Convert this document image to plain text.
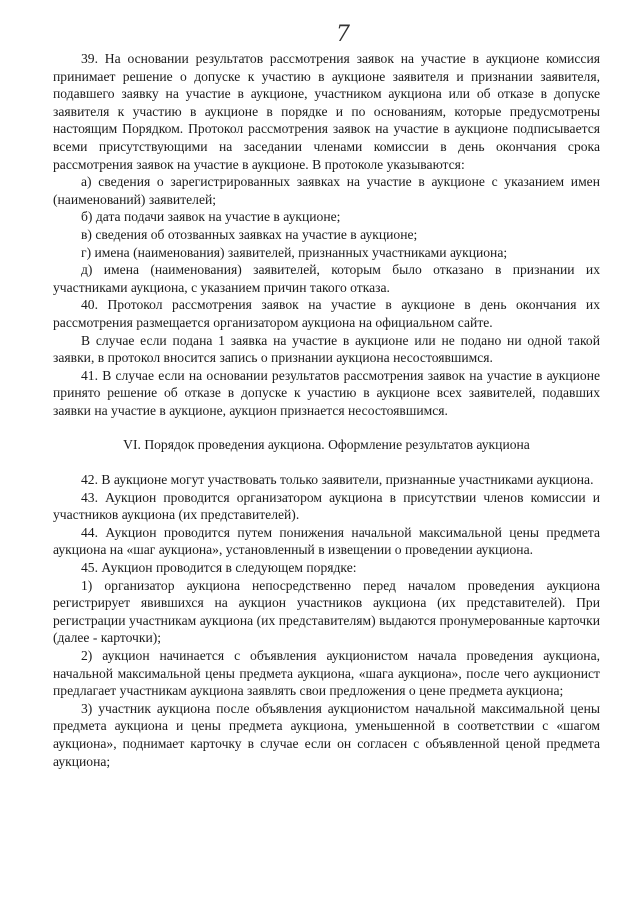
7

39. На основании результатов рассмотрения заявок на участие в аукционе комиссия принимает решение о допуске к участию в аукционе заявителя и признании заявителя, подавшего заявку на участие в аукционе, участником аукциона или об отказе в допуске заявителя к участию в аукционе в порядке и по основаниям, которые предусмотрены настоящим Порядком. Протокол рассмотрения заявок на участие в аукционе подписывается всеми присутствующими на заседании членами комиссии в день окончания срока рассмотрения заявок на участие в аукционе. В протоколе указываются:

а) сведения о зарегистрированных заявках на участие в аукционе с указанием имен (наименований) заявителей;

б) дата подачи заявок на участие в аукционе;

в) сведения об отозванных заявках на участие в аукционе;

г) имена (наименования) заявителей, признанных участниками аукциона;

д) имена (наименования) заявителей, которым было отказано в признании их участниками аукциона, с указанием причин такого отказа.

40. Протокол рассмотрения заявок на участие в аукционе в день окончания их рассмотрения размещается организатором аукциона на официальном сайте.

В случае если подана 1 заявка на участие в аукционе или не подано ни одной такой заявки, в протокол вносится запись о признании аукциона несостоявшимся.

41. В случае если на основании результатов рассмотрения заявок на участие в аукционе принято решение об отказе в допуске к участию в аукционе всех заявителей, подавших заявки на участие в аукционе, аукцион признается несостоявшимся.

VI. Порядок проведения аукциона. Оформление результатов аукциона

42. В аукционе могут участвовать только заявители, признанные участниками аукциона.

43. Аукцион проводится организатором аукциона в присутствии членов комиссии и участников аукциона (их представителей).

44. Аукцион проводится путем понижения начальной максимальной цены предмета аукциона на «шаг аукциона», установленный в извещении о проведении аукциона.

45. Аукцион проводится в следующем порядке:

1) организатор аукциона непосредственно перед началом проведения аукциона регистрирует явившихся на аукцион участников аукциона (их представителей). При регистрации участникам аукциона (их представителям) выдаются пронумерованные карточки (далее - карточки);

2) аукцион начинается с объявления аукционистом начала проведения аукциона, начальной максимальной цены предмета аукциона, «шага аукциона», после чего аукционист предлагает участникам аукциона заявлять свои предложения о цене предмета аукциона;

3) участник аукциона после объявления аукционистом начальной максимальной цены предмета аукциона и цены предмета аукциона, уменьшенной в соответствии с «шагом аукциона», поднимает карточку в случае если он согласен с объявленной ценой предмета аукциона;
